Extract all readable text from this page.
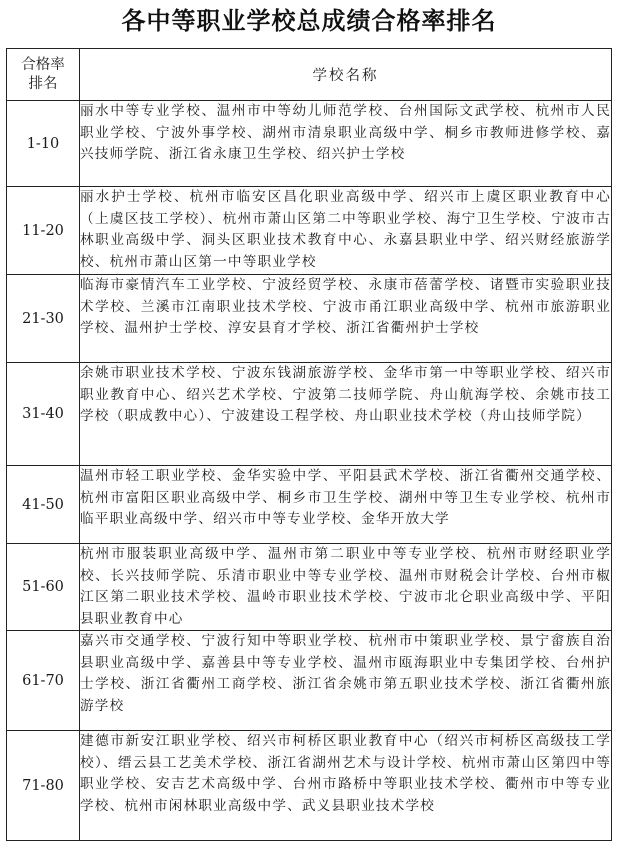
各中等职业学校总成绩合格率排名
合格率
排名	学校名称
1-10	丽水中等专业学校、温州市中等幼儿师范学校、台州国际文武学校、杭州市人民职业学校、宁波外事学校、湖州市清泉职业高级中学、桐乡市教师进修学校、嘉兴技师学院、浙江省永康卫生学校、绍兴护士学校
11-20	丽水护士学校、杭州市临安区昌化职业高级中学、绍兴市上虞区职业教育中心（上虞区技工学校）、杭州市萧山区第二中等职业学校、海宁卫生学校、宁波市古林职业高级中学、洞头区职业技术教育中心、永嘉县职业中学、绍兴财经旅游学校、杭州市萧山区第一中等职业学校
21-30	临海市豪情汽车工业学校、宁波经贸学校、永康市蓓蕾学校、诸暨市实验职业技术学校、兰溪市江南职业技术学校、宁波市甬江职业高级中学、杭州市旅游职业学校、温州护士学校、淳安县育才学校、浙江省衢州护士学校
31-40	余姚市职业技术学校、宁波东钱湖旅游学校、金华市第一中等职业学校、绍兴市职业教育中心、绍兴艺术学校、宁波第二技师学院、舟山航海学校、余姚市技工学校（职成教中心）、宁波建设工程学校、舟山职业技术学校（舟山技师学院）
41-50	温州市轻工职业学校、金华实验中学、平阳县武术学校、浙江省衢州交通学校、杭州市富阳区职业高级中学、桐乡市卫生学校、湖州中等卫生专业学校、杭州市临平职业高级中学、绍兴市中等专业学校、金华开放大学
51-60	杭州市服装职业高级中学、温州市第二职业中等专业学校、杭州市财经职业学校、长兴技师学院、乐清市职业中等专业学校、温州市财税会计学校、台州市椒江区第二职业技术学校、温岭市职业技术学校、宁波市北仑职业高级中学、平阳县职业教育中心
61-70	嘉兴市交通学校、宁波行知中等职业学校、杭州市中策职业学校、景宁畲族自治县职业高级中学、嘉善县中等专业学校、温州市瓯海职业中专集团学校、台州护士学校、浙江省衢州工商学校、浙江省余姚市第五职业技术学校、浙江省衢州旅游学校
71-80	建德市新安江职业学校、绍兴市柯桥区职业教育中心（绍兴市柯桥区高级技工学校）、缙云县工艺美术学校、浙江省湖州艺术与设计学校、杭州市萧山区第四中等职业学校、安吉艺术高级中学、台州市路桥中等职业技术学校、衢州市中等专业学校、杭州市闲林职业高级中学、武义县职业技术学校
